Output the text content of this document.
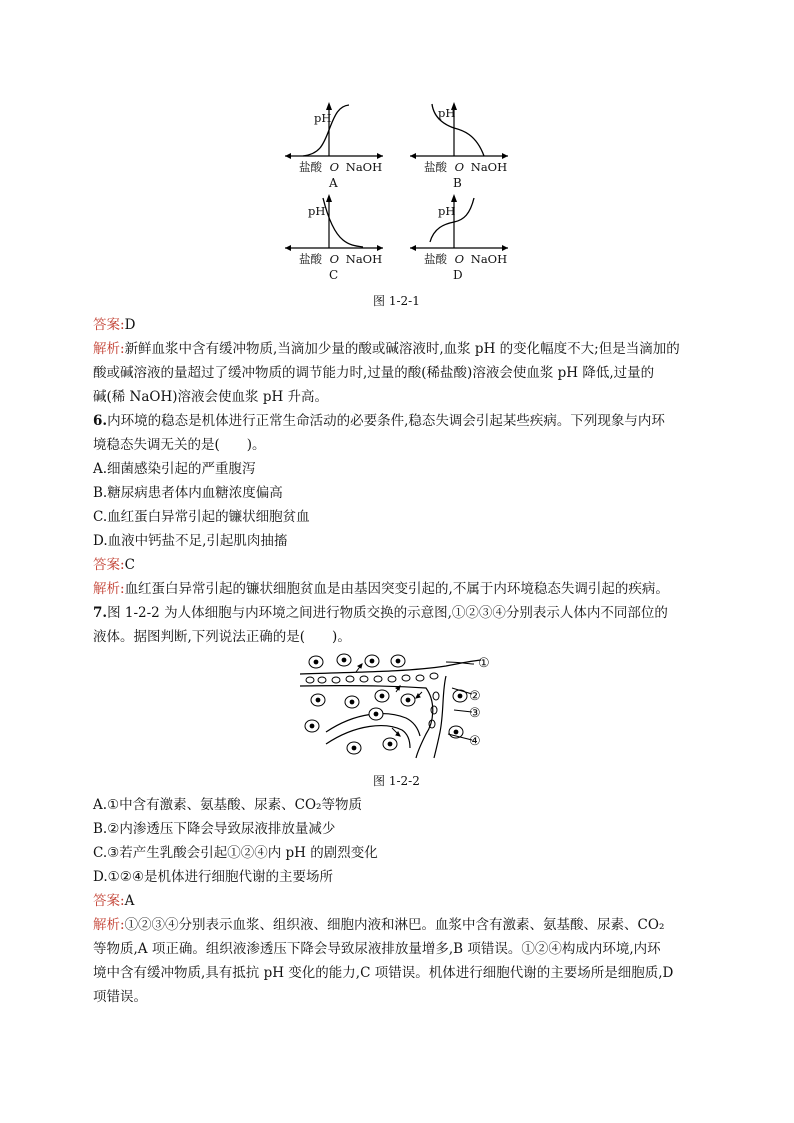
pH
盐酸 O NaOH
A
pH
盐酸 O NaOH
B
pH
盐酸 O NaOH
C
pH
盐酸 O NaOH
D
图 1-2-1
答案:D
解析:新鲜血浆中含有缓冲物质,当滴加少量的酸或碱溶液时,血浆 pH 的变化幅度不大;但是当滴加的
酸或碱溶液的量超过了缓冲物质的调节能力时,过量的酸(稀盐酸)溶液会使血浆 pH 降低,过量的
碱(稀 NaOH)溶液会使血浆 pH 升高。
6.内环境的稳态是机体进行正常生命活动的必要条件,稳态失调会引起某些疾病。下列现象与内环
境稳态失调无关的是(　　)。
A.细菌感染引起的严重腹泻
B.糖尿病患者体内血糖浓度偏高
C.血红蛋白异常引起的镰状细胞贫血
D.血液中钙盐不足,引起肌肉抽搐
答案:C
解析:血红蛋白异常引起的镰状细胞贫血是由基因突变引起的,不属于内环境稳态失调引起的疾病。
7.图 1-2-2 为人体细胞与内环境之间进行物质交换的示意图,①②③④分别表示人体内不同部位的
液体。据图判断,下列说法正确的是(　　)。
①
②
③
④
图 1-2-2
A.①中含有激素、氨基酸、尿素、CO₂等物质
B.②内渗透压下降会导致尿液排放量减少
C.③若产生乳酸会引起①②④内 pH 的剧烈变化
D.①②④是机体进行细胞代谢的主要场所
答案:A
解析:①②③④分别表示血浆、组织液、细胞内液和淋巴。血浆中含有激素、氨基酸、尿素、CO₂
等物质,A 项正确。组织液渗透压下降会导致尿液排放量增多,B 项错误。①②④构成内环境,内环
境中含有缓冲物质,具有抵抗 pH 变化的能力,C 项错误。机体进行细胞代谢的主要场所是细胞质,D
项错误。
